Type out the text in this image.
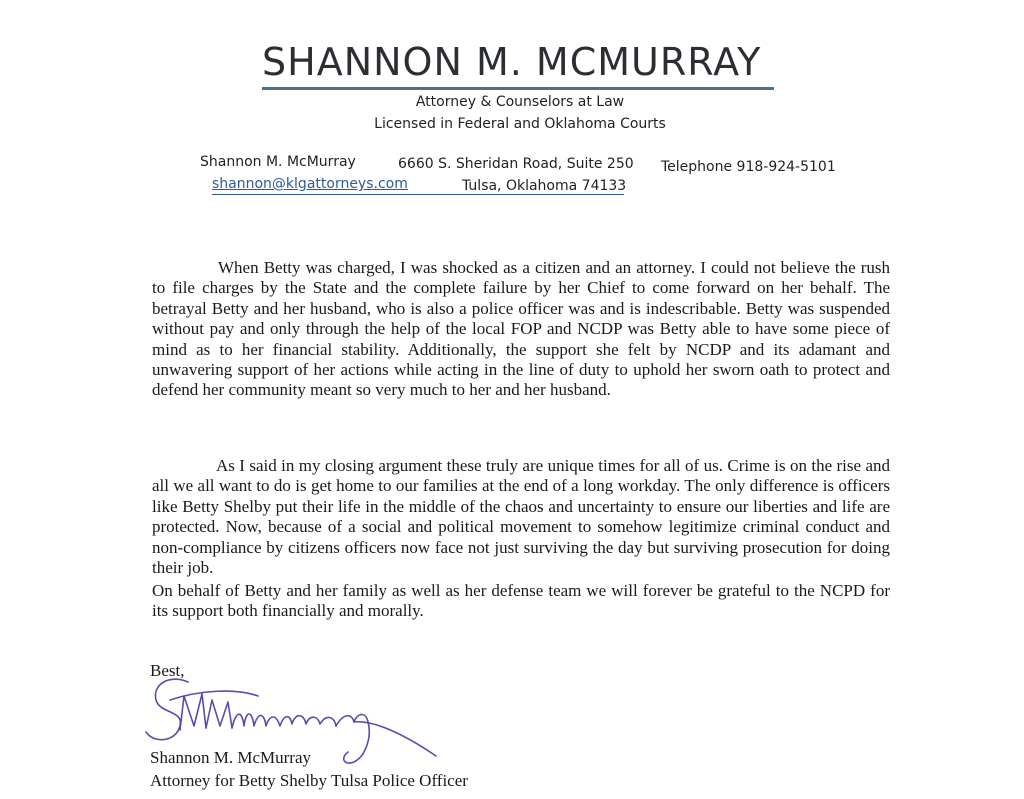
SHANNON M. MCMURRAY
Attorney & Counselors at Law
Licensed in Federal and Oklahoma Courts
Shannon M. McMurray	6660 S. Sheridan Road, Suite 250 Telephone 918-924-5101
shannon@klgattorneys.com	Tulsa, Oklahoma 74133

When Betty was charged, I was shocked as a citizen and an attorney. I could not believe the rush to file charges by the State and the complete failure by her Chief to come forward on her behalf. The betrayal Betty and her husband, who is also a police officer was and is indescribable. Betty was suspended without pay and only through the help of the local FOP and NCDP was Betty able to have some piece of mind as to her financial stability. Additionally, the support she felt by NCDP and its adamant and unwavering support of her actions while acting in the line of duty to uphold her sworn oath to protect and defend her community meant so very much to her and her husband.

As I said in my closing argument these truly are unique times for all of us. Crime is on the rise and all we all want to do is get home to our families at the end of a long workday. The only difference is officers like Betty Shelby put their life in the middle of the chaos and uncertainty to ensure our liberties and life are protected. Now, because of a social and political movement to somehow legitimize criminal conduct and non-compliance by citizens officers now face not just surviving the day but surviving prosecution for doing their job.

On behalf of Betty and her family as well as her defense team we will forever be grateful to the NCPD for its support both financially and morally.

Best,
Shannon M. McMurray
Attorney for Betty Shelby Tulsa Police Officer
